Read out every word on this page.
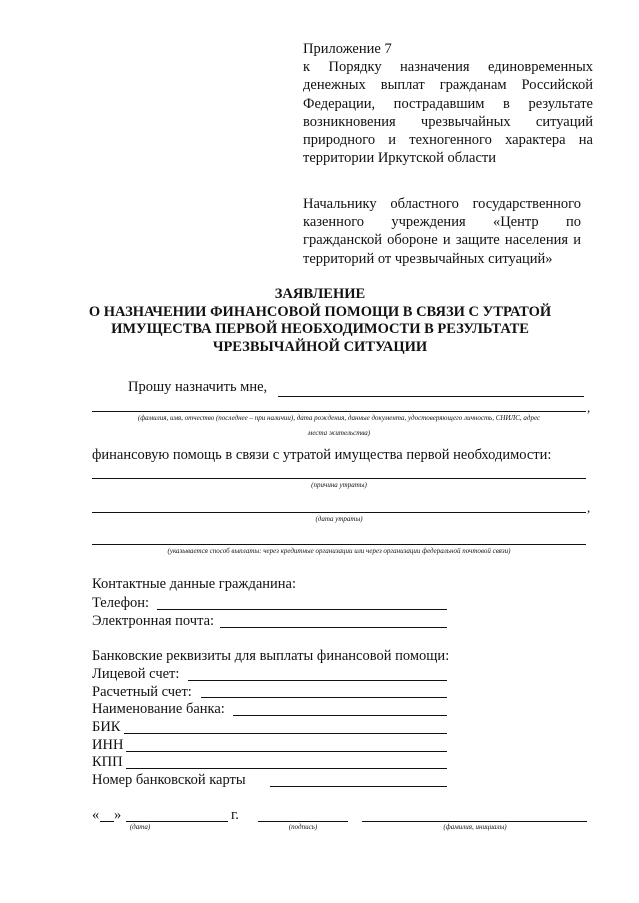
Приложение 7
к Порядку назначения единовременных денежных выплат гражданам Российской Федерации, пострадавшим в результате возникновения чрезвычайных ситуаций природного и техногенного характера на территории Иркутской области
Начальнику областного государственного казенного учреждения «Центр по гражданской обороне и защите населения и территорий от чрезвычайных ситуаций»
ЗАЯВЛЕНИЕ
О НАЗНАЧЕНИИ ФИНАНСОВОЙ ПОМОЩИ В СВЯЗИ С УТРАТОЙ
ИМУЩЕСТВА ПЕРВОЙ НЕОБХОДИМОСТИ В РЕЗУЛЬТАТЕ
ЧРЕЗВЫЧАЙНОЙ СИТУАЦИИ
Прошу назначить мне,
,
(фамилия, имя, отчество (последнее – при наличии), дата рождения, данные документа, удостоверяющего личность, СНИЛС, адрес
места жительства)
финансовую помощь в связи с утратой имущества первой необходимости:
(причина утраты)
,
(дата утраты)
(указывается способ выплаты: через кредитные организации или через организации федеральной почтовой связи)
Контактные данные гражданина:
Телефон:
Электронная почта:
Банковские реквизиты для выплаты финансовой помощи:
Лицевой счет:
Расчетный счет:
Наименование банка:
БИК
ИНН
КПП
Номер банковской карты
« »	г.
(дата)	(подпись)	(фамилия, инициалы)
